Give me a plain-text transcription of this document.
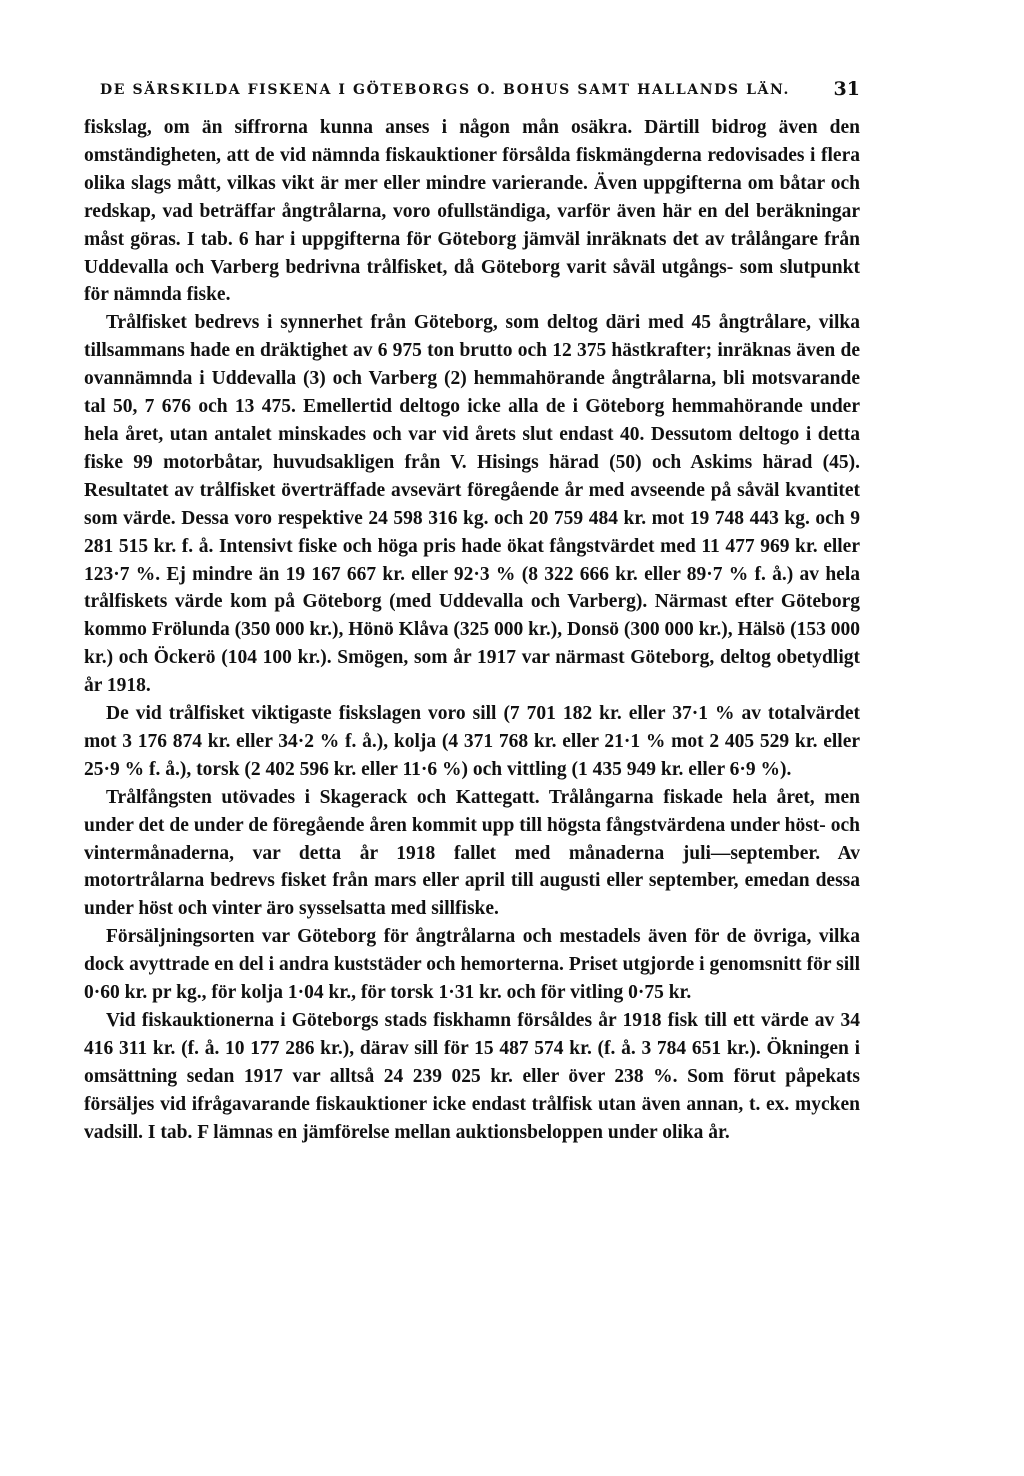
DE SÄRSKILDA FISKENA I GÖTEBORGS O. BOHUS SAMT HALLANDS LÄN. 31

fiskslag, om än siffrorna kunna anses i någon mån osäkra. Därtill bidrog även den omständigheten, att de vid nämnda fiskauktioner försålda fiskmängderna redovisades i flera olika slags mått, vilkas vikt är mer eller mindre varierande. Även uppgifterna om båtar och redskap, vad beträffar ångtrålarna, voro ofullständiga, varför även här en del beräkningar måst göras. I tab. 6 har i uppgifterna för Göteborg jämväl inräknats det av trålångare från Uddevalla och Varberg bedrivna trålfisket, då Göteborg varit såväl utgångs- som slutpunkt för nämnda fiske.

Trålfisket bedrevs i synnerhet från Göteborg, som deltog däri med 45 ångtrålare, vilka tillsammans hade en dräktighet av 6 975 ton brutto och 12 375 hästkrafter; inräknas även de ovannämnda i Uddevalla (3) och Varberg (2) hemmahörande ångtrålarna, bli motsvarande tal 50, 7 676 och 13 475. Emellertid deltogo icke alla de i Göteborg hemmahörande under hela året, utan antalet minskades och var vid årets slut endast 40. Dessutom deltogo i detta fiske 99 motorbåtar, huvudsakligen från V. Hisings härad (50) och Askims härad (45). Resultatet av trålfisket överträffade avsevärt föregående år med avseende på såväl kvantitet som värde. Dessa voro respektive 24 598 316 kg. och 20 759 484 kr. mot 19 748 443 kg. och 9 281 515 kr. f. å. Intensivt fiske och höga pris hade ökat fångstvärdet med 11 477 969 kr. eller 123·7 %. Ej mindre än 19 167 667 kr. eller 92·3 % (8 322 666 kr. eller 89·7 % f. å.) av hela trålfiskets värde kom på Göteborg (med Uddevalla och Varberg). Närmast efter Göteborg kommo Frölunda (350 000 kr.), Hönö Klåva (325 000 kr.), Donsö (300 000 kr.), Hälsö (153 000 kr.) och Öckerö (104 100 kr.). Smögen, som år 1917 var närmast Göteborg, deltog obetydligt år 1918.

De vid trålfisket viktigaste fiskslagen voro sill (7 701 182 kr. eller 37·1 % av totalvärdet mot 3 176 874 kr. eller 34·2 % f. å.), kolja (4 371 768 kr. eller 21·1 % mot 2 405 529 kr. eller 25·9 % f. å.), torsk (2 402 596 kr. eller 11·6 %) och vittling (1 435 949 kr. eller 6·9 %).

Trålfångsten utövades i Skagerack och Kattegatt. Trålångarna fiskade hela året, men under det de under de föregående åren kommit upp till högsta fångstvärdena under höst- och vintermånaderna, var detta år 1918 fallet med månaderna juli—september. Av motortrålarna bedrevs fisket från mars eller april till augusti eller september, emedan dessa under höst och vinter äro sysselsatta med sillfiske.

Försäljningsorten var Göteborg för ångtrålarna och mestadels även för de övriga, vilka dock avyttrade en del i andra kuststäder och hemorterna. Priset utgjorde i genomsnitt för sill 0·60 kr. pr kg., för kolja 1·04 kr., för torsk 1·31 kr. och för vitling 0·75 kr.

Vid fiskauktionerna i Göteborgs stads fiskhamn försåldes år 1918 fisk till ett värde av 34 416 311 kr. (f. å. 10 177 286 kr.), därav sill för 15 487 574 kr. (f. å. 3 784 651 kr.). Ökningen i omsättning sedan 1917 var alltså 24 239 025 kr. eller över 238 %. Som förut påpekats försäljes vid ifrågavarande fiskauktioner icke endast trålfisk utan även annan, t. ex. mycken vadsill. I tab. F lämnas en jämförelse mellan auktionsbeloppen under olika år.
